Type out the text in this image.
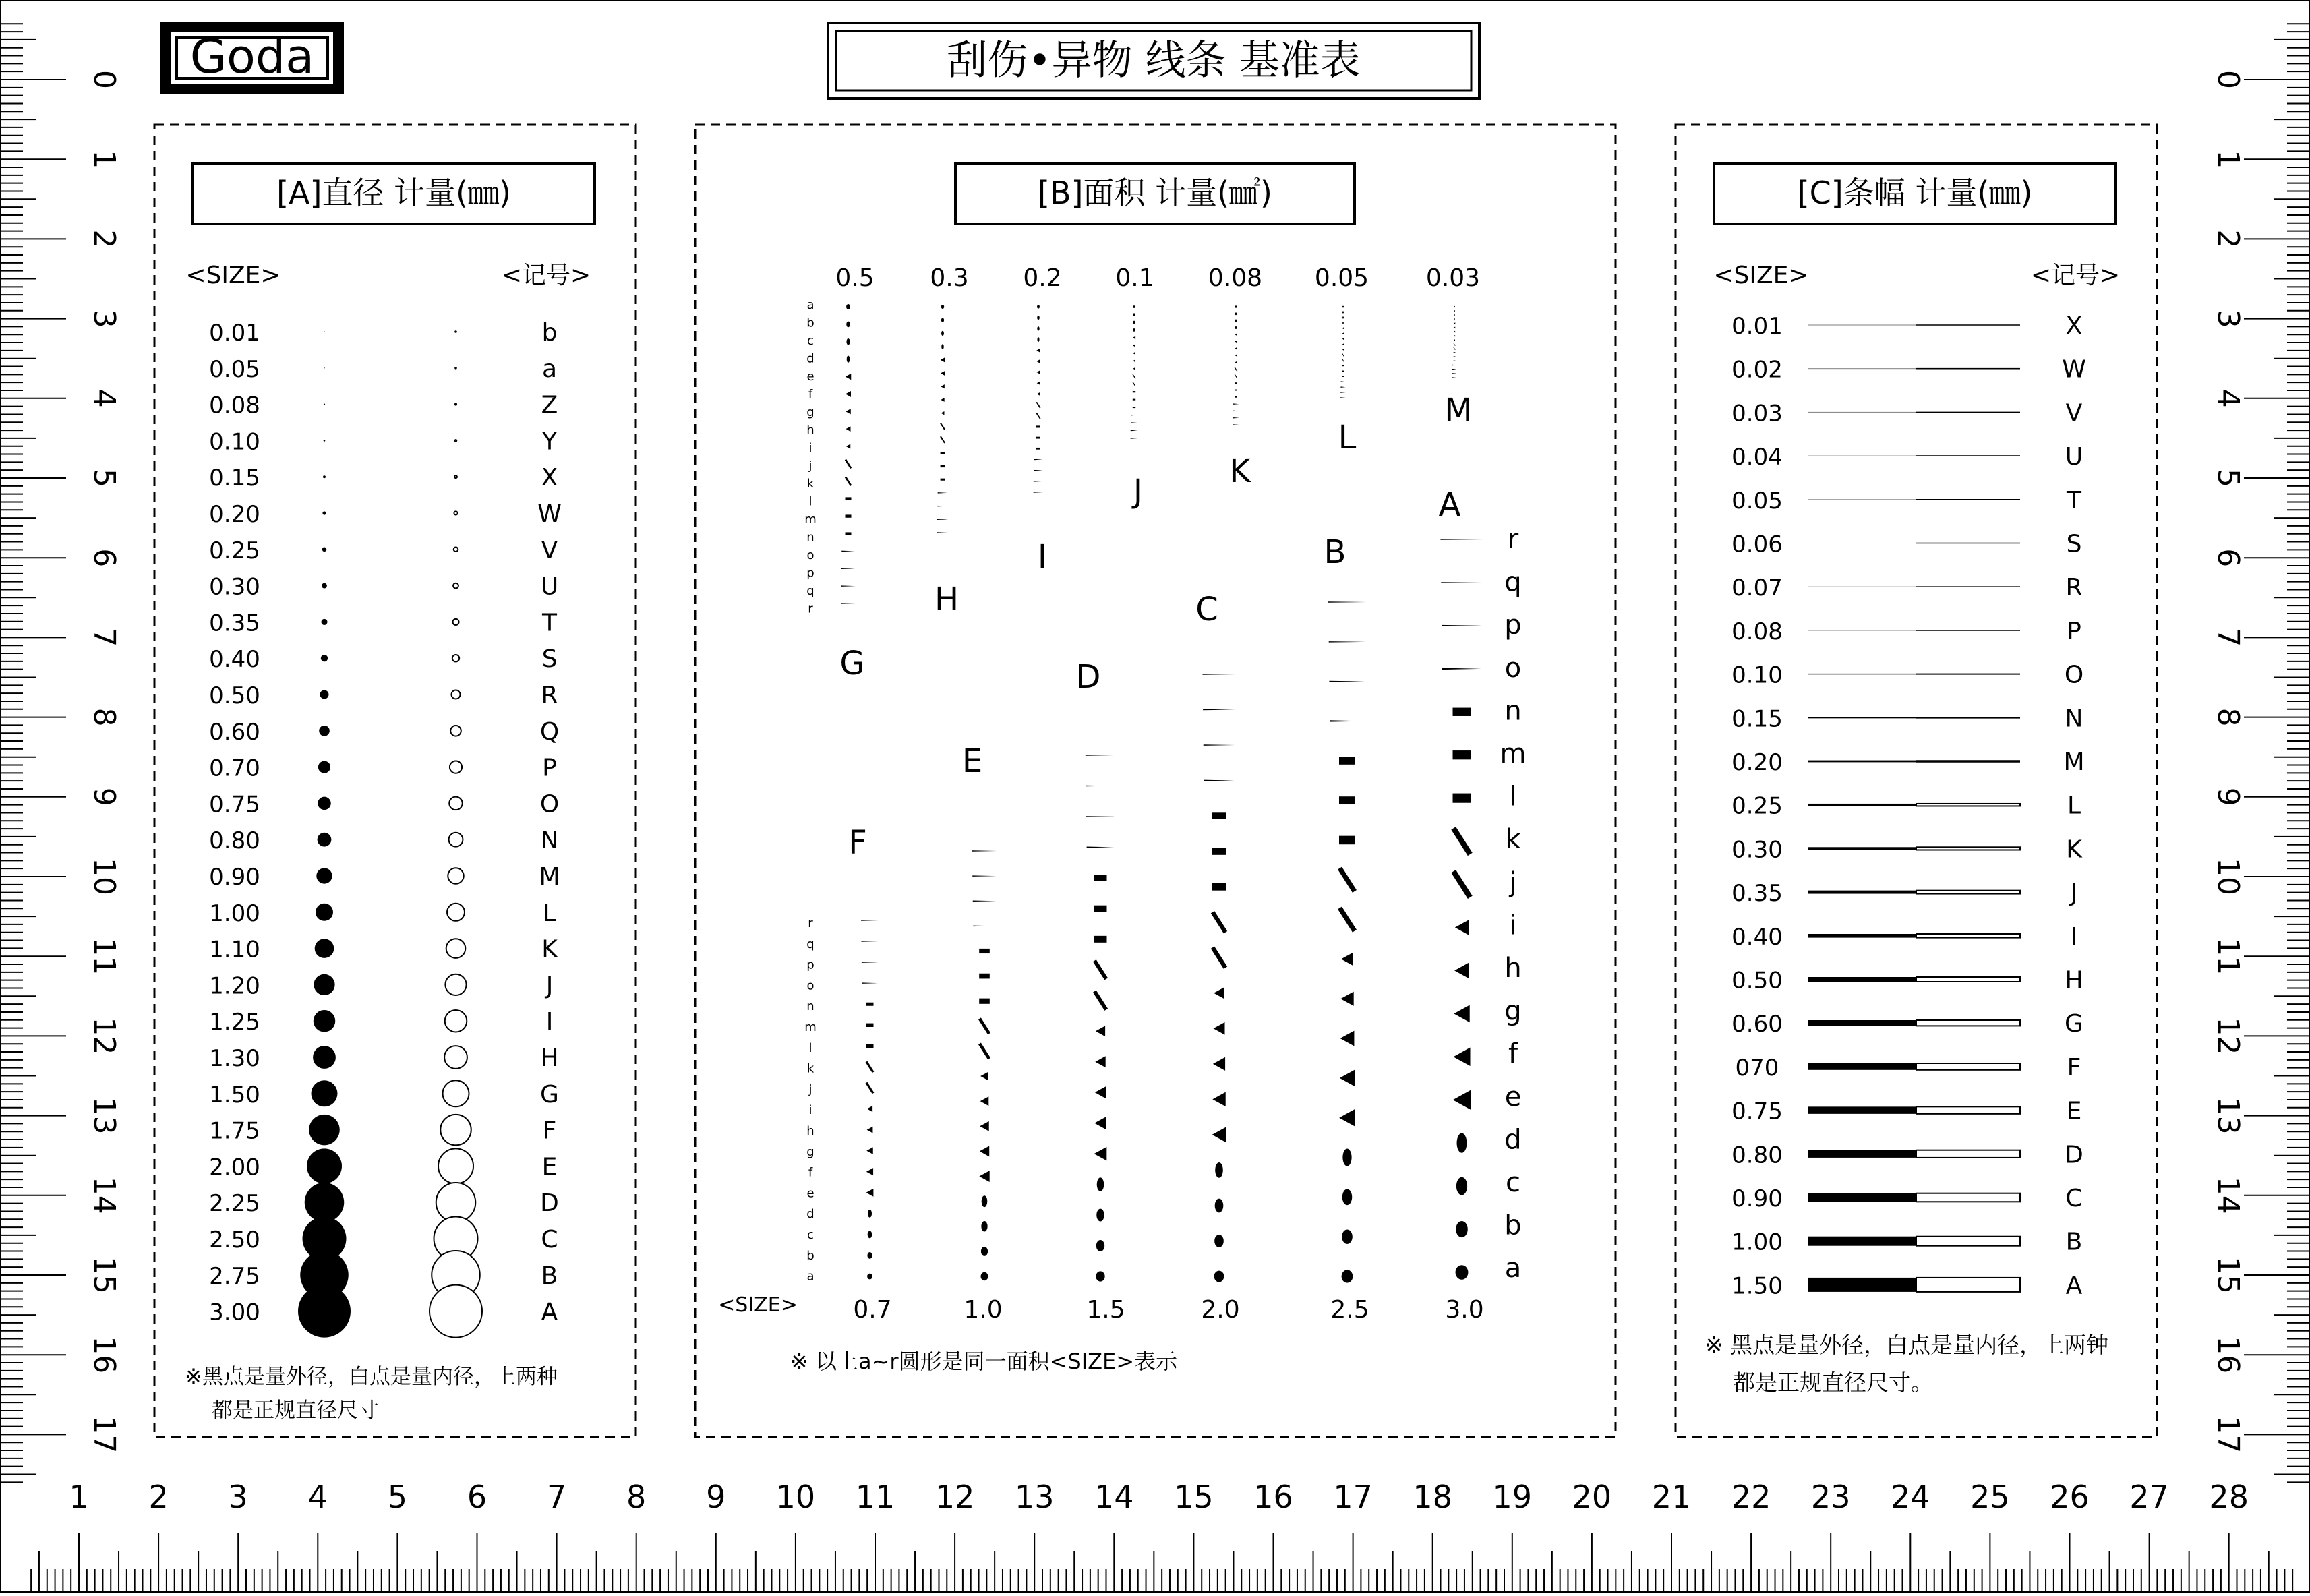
0
1
2
3
4
5
6
7
8
9
10
11
12
13
14
15
16
17
0
1
2
3
4
5
6
7
8
9
10
11
12
13
14
15
16
17
1 2 3 4 5 6 7 8 9 10 11 12 13 14 15 16 17 18 19 20 21 22 23 24 25 26 27 28
Goda	刮伤•异物 线条 基准表
[A]直径 计量(㎜)
<SIZE>	<记号>
0.01	b
0.05	a
0.08	Z
0.10	Y
0.15	X
0.20	W
0.25	V
0.30	U
0.35	T
0.40	S
0.50	R
0.60	Q
0.70	P
0.75	O
0.80	N
0.90	M
1.00	L
1.10	K
1.20	J
1.25	I
1.30	H
1.50	G
1.75	F
2.00	E
2.25	D
2.50	C
2.75	B
3.00	A
※黑点是量外径，白点是量内径，上两种
都是正规直径尺寸
[B]面积 计量(㎟)
0.5 0.3 0.2 0.1 0.08 0.05 0.03
0.7	1.0	1.5	2.0	2.5	3.0
G
H
I
J
K
L
M
a
b
c
d
e
f
g
h
i
j
k
l
m
n
o
p
q
r
F
E
D
C
B
A
r
q
p
o
n
m
l
k
j
i
h
g
f
e
d
c
b
a
r
q
p
o
n
m
l
k
j
i
h
g
f
e
d
c
b
a
<SIZE>
※ 以上a~r圆形是同一面积<SIZE>表示
[C]条幅 计量(㎜)
<SIZE>	<记号>
0.01	X
0.02	W
0.03	V
0.04	U
0.05	T
0.06	S
0.07	R
0.08	P
0.10	O
0.15	N
0.20	M
0.25	L
0.30	K
0.35	J
0.40	I
0.50	H
0.60	G
070	F
0.75	E
0.80	D
0.90	C
1.00	B
1.50	A
※ 黑点是量外径，白点是量内径，上两钟
都是正规直径尺寸。
